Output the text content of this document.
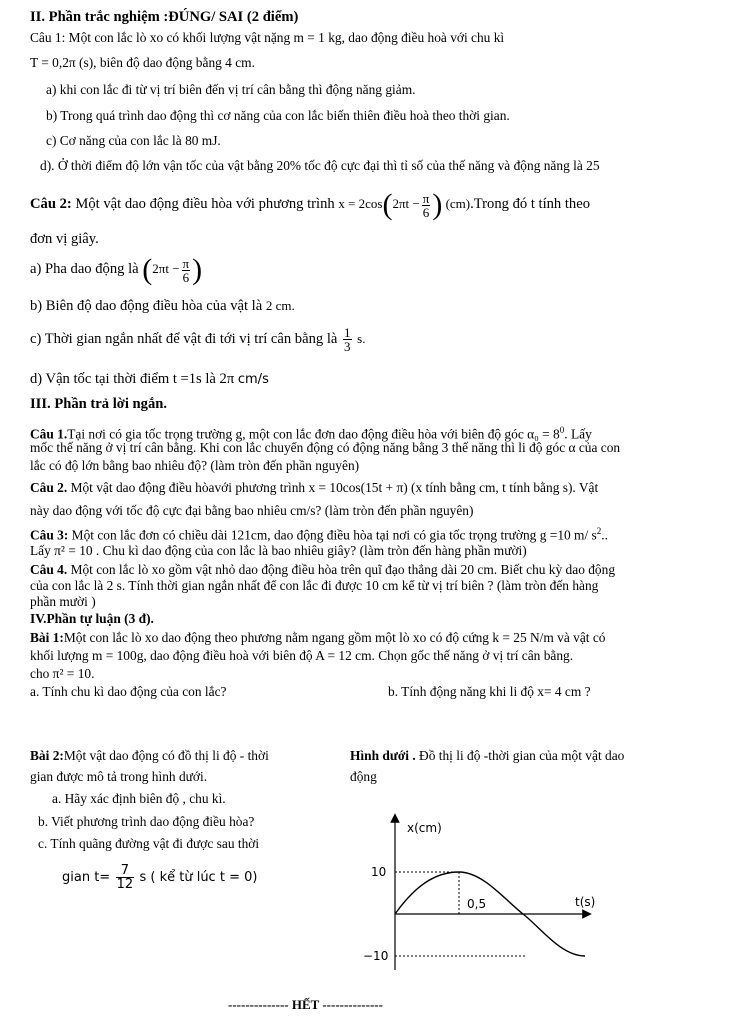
II. Phần trắc nghiệm :ĐÚNG/ SAI (2 điểm)
Câu 1: Một con lắc lò xo có khối lượng vật nặng m = 1 kg, dao động điều hoà với chu kì
T = 0,2π (s), biên độ dao động bằng 4 cm.
a) khi con lắc đi từ vị trí biên đến vị trí cân bằng thì động năng giảm.
b) Trong quá trình dao động thì cơ năng của con lắc biến thiên điều hoà theo thời gian.
c) Cơ năng của con lắc là 80 mJ.
d). Ở thời điểm độ lớn vận tốc của vật bằng 20% tốc độ cực đại thì tỉ số của thế năng và động năng là 25
Câu 2: Một vật dao động điều hòa với phương trình $x = 2\cos(2\pi t - \frac{\pi}{6}$ ) (cm).Trong đó t tính theo
đơn vị giây.
a) Pha dao động là ($2\pi t - \frac{\pi}{6}$ )
b) Biên độ dao động điều hòa của vật là 2 cm.
c) Thời gian ngắn nhất để vật đi tới vị trí cân bằng là $\frac{1}{3} s$.
d) Vận tốc tại thời điểm t =1s là 2π cm/s
III. Phần trả lời ngắn.
Câu 1.Tại nơi có gia tốc trọng trường g, một con lắc đơn dao động điều hòa với biên độ góc $\alpha_0 = 8^0$. Lấy
mốc thế năng ở vị trí cân bằng. Khi con lắc chuyển động có động năng bằng 3 thế năng thì li độ góc α của con
lắc có độ lớn bằng bao nhiêu độ? (làm tròn đến phần nguyên)
Câu 2. Một vật dao động điều hòavới phương trình x = 10cos(15t + π) (x tính bằng cm, t tính bằng s). Vật
này dao động với tốc độ cực đại bằng bao nhiêu cm/s? (làm tròn đến phần nguyên)
Câu 3: Một con lắc đơn có chiều dài 121cm, dao động điều hòa tại nơi có gia tốc trọng trường g =10 m/ $s^2$..
Lấy π² = 10 . Chu kì dao động của con lắc là bao nhiêu giây? (làm tròn đến hàng phần mười)
Câu 4. Một con lắc lò xo gồm vật nhỏ dao động điều hòa trên quĩ đạo thẳng dài 20 cm. Biết chu kỳ dao động
của con lắc là 2 s. Tính thời gian ngắn nhất để con lắc đi được 10 cm kể từ vị trí biên ? (làm tròn đến hàng
phần mười )
IV.Phần tự luận (3 đ).
Bài 1:Một con lắc lò xo dao động theo phương nằm ngang gồm một lò xo có độ cứng k = 25 N/m và vật có
khối lượng m = 100g, dao động điều hoà với biên độ A = 12 cm. Chọn gốc thế năng ở vị trí cân bằng.
cho π² = 10.
a. Tính chu kì dao động của con lắc?	b. Tính động năng khi li độ x= 4 cm ?
Bài 2:Một vật dao động có đồ thị li độ - thời
gian được mô tả trong hình dưới.
a. Hãy xác định biên độ , chu kì.
b. Viết phương trình dao động điều hòa?
c. Tính quãng đường vật đi được sau thời
gian $t= \frac{7}{12}$ s ( kể từ lúc t = 0)
Hình dưới . Đồ thị li độ -thời gian của một vật dao
động
x(cm)
t(s)
10
−10
0,5
-------------- HẾT --------------
